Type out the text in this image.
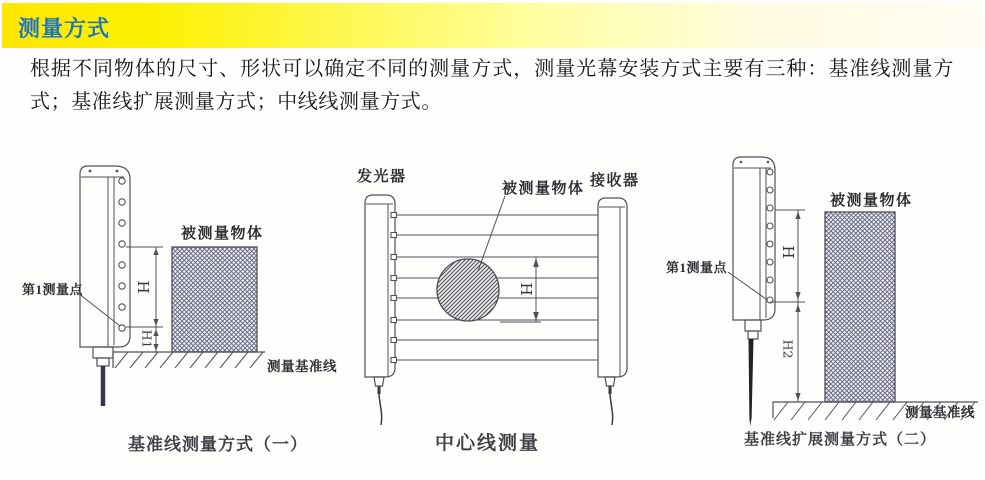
测量方式
根据不同物体的尺寸、形状可以确定不同的测量方式，测量光幕安装方式主要有三种：基准线测量方式；基准线扩展测量方式；中线线测量方式。
第1测量点
被测量物体
测量基准线
H
H1
基准线测量方式（一）
发光器
被测量物体 接收器
H
中心线测量
第1测量点
被测量物体
测量基准线
H
H2
基准线扩展测量方式（二）
